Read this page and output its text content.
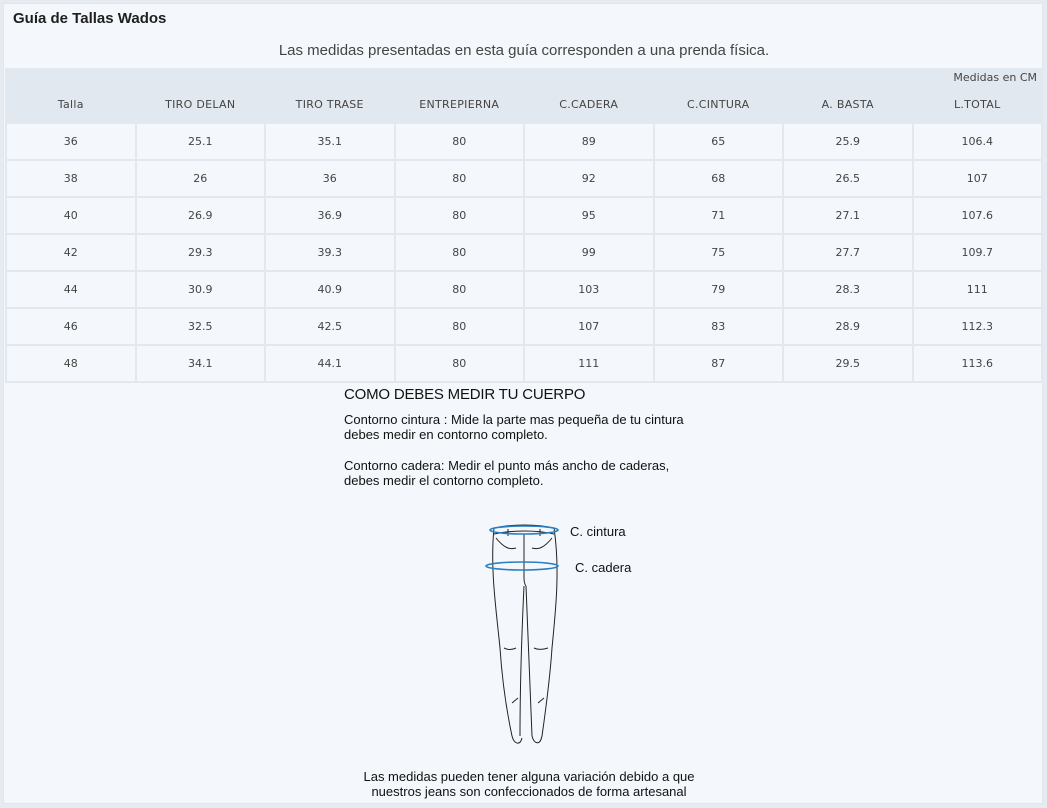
Guía de Tallas Wados
Las medidas presentadas en esta guía corresponden a una prenda física.
Medidas en CM
Talla	TIRO DELAN	TIRO TRASE	ENTREPIERNA	C.CADERA	C.CINTURA	A. BASTA	L.TOTAL
36	25.1	35.1	80	89	65	25.9	106.4
38	26	36	80	92	68	26.5	107
40	26.9	36.9	80	95	71	27.1	107.6
42	29.3	39.3	80	99	75	27.7	109.7
44	30.9	40.9	80	103	79	28.3	111
46	32.5	42.5	80	107	83	28.9	112.3
48	34.1	44.1	80	111	87	29.5	113.6
COMO DEBES MEDIR TU CUERPO
Contorno cintura : Mide la parte mas pequeña de tu cintura
debes medir en contorno completo.
Contorno cadera: Medir el punto más ancho de caderas,
debes medir el contorno completo.
C. cintura
C. cadera
Las medidas pueden tener alguna variación debido a que
nuestros jeans son confeccionados de forma artesanal
